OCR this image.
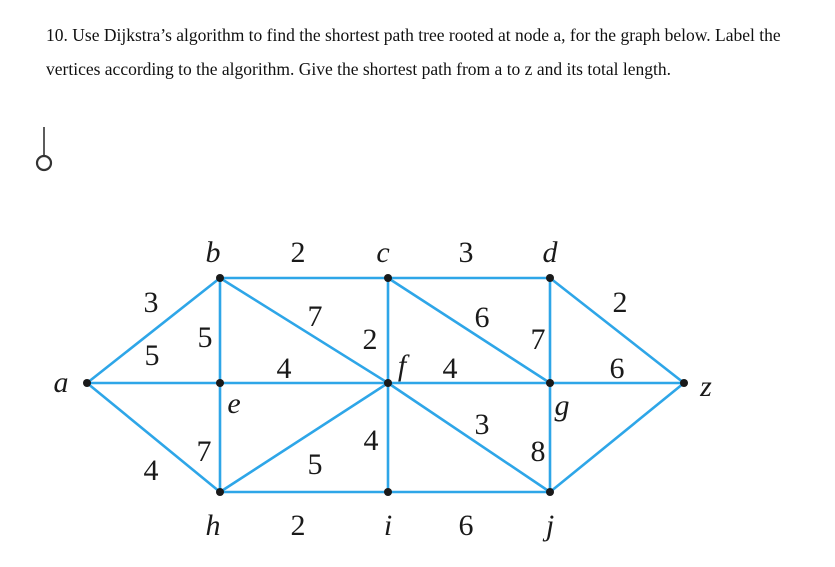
10. Use Dijkstra’s algorithm to find the shortest path tree rooted at node a, for the graph below. Label the vertices according to the algorithm. Give the shortest path from a to z and its total length.

3
5
4
2
5
7
3
2
6
7
2
4
7
4
5
4	3
8
6
2	6
a
b	c	d
e
f
g
h	i	j
z
